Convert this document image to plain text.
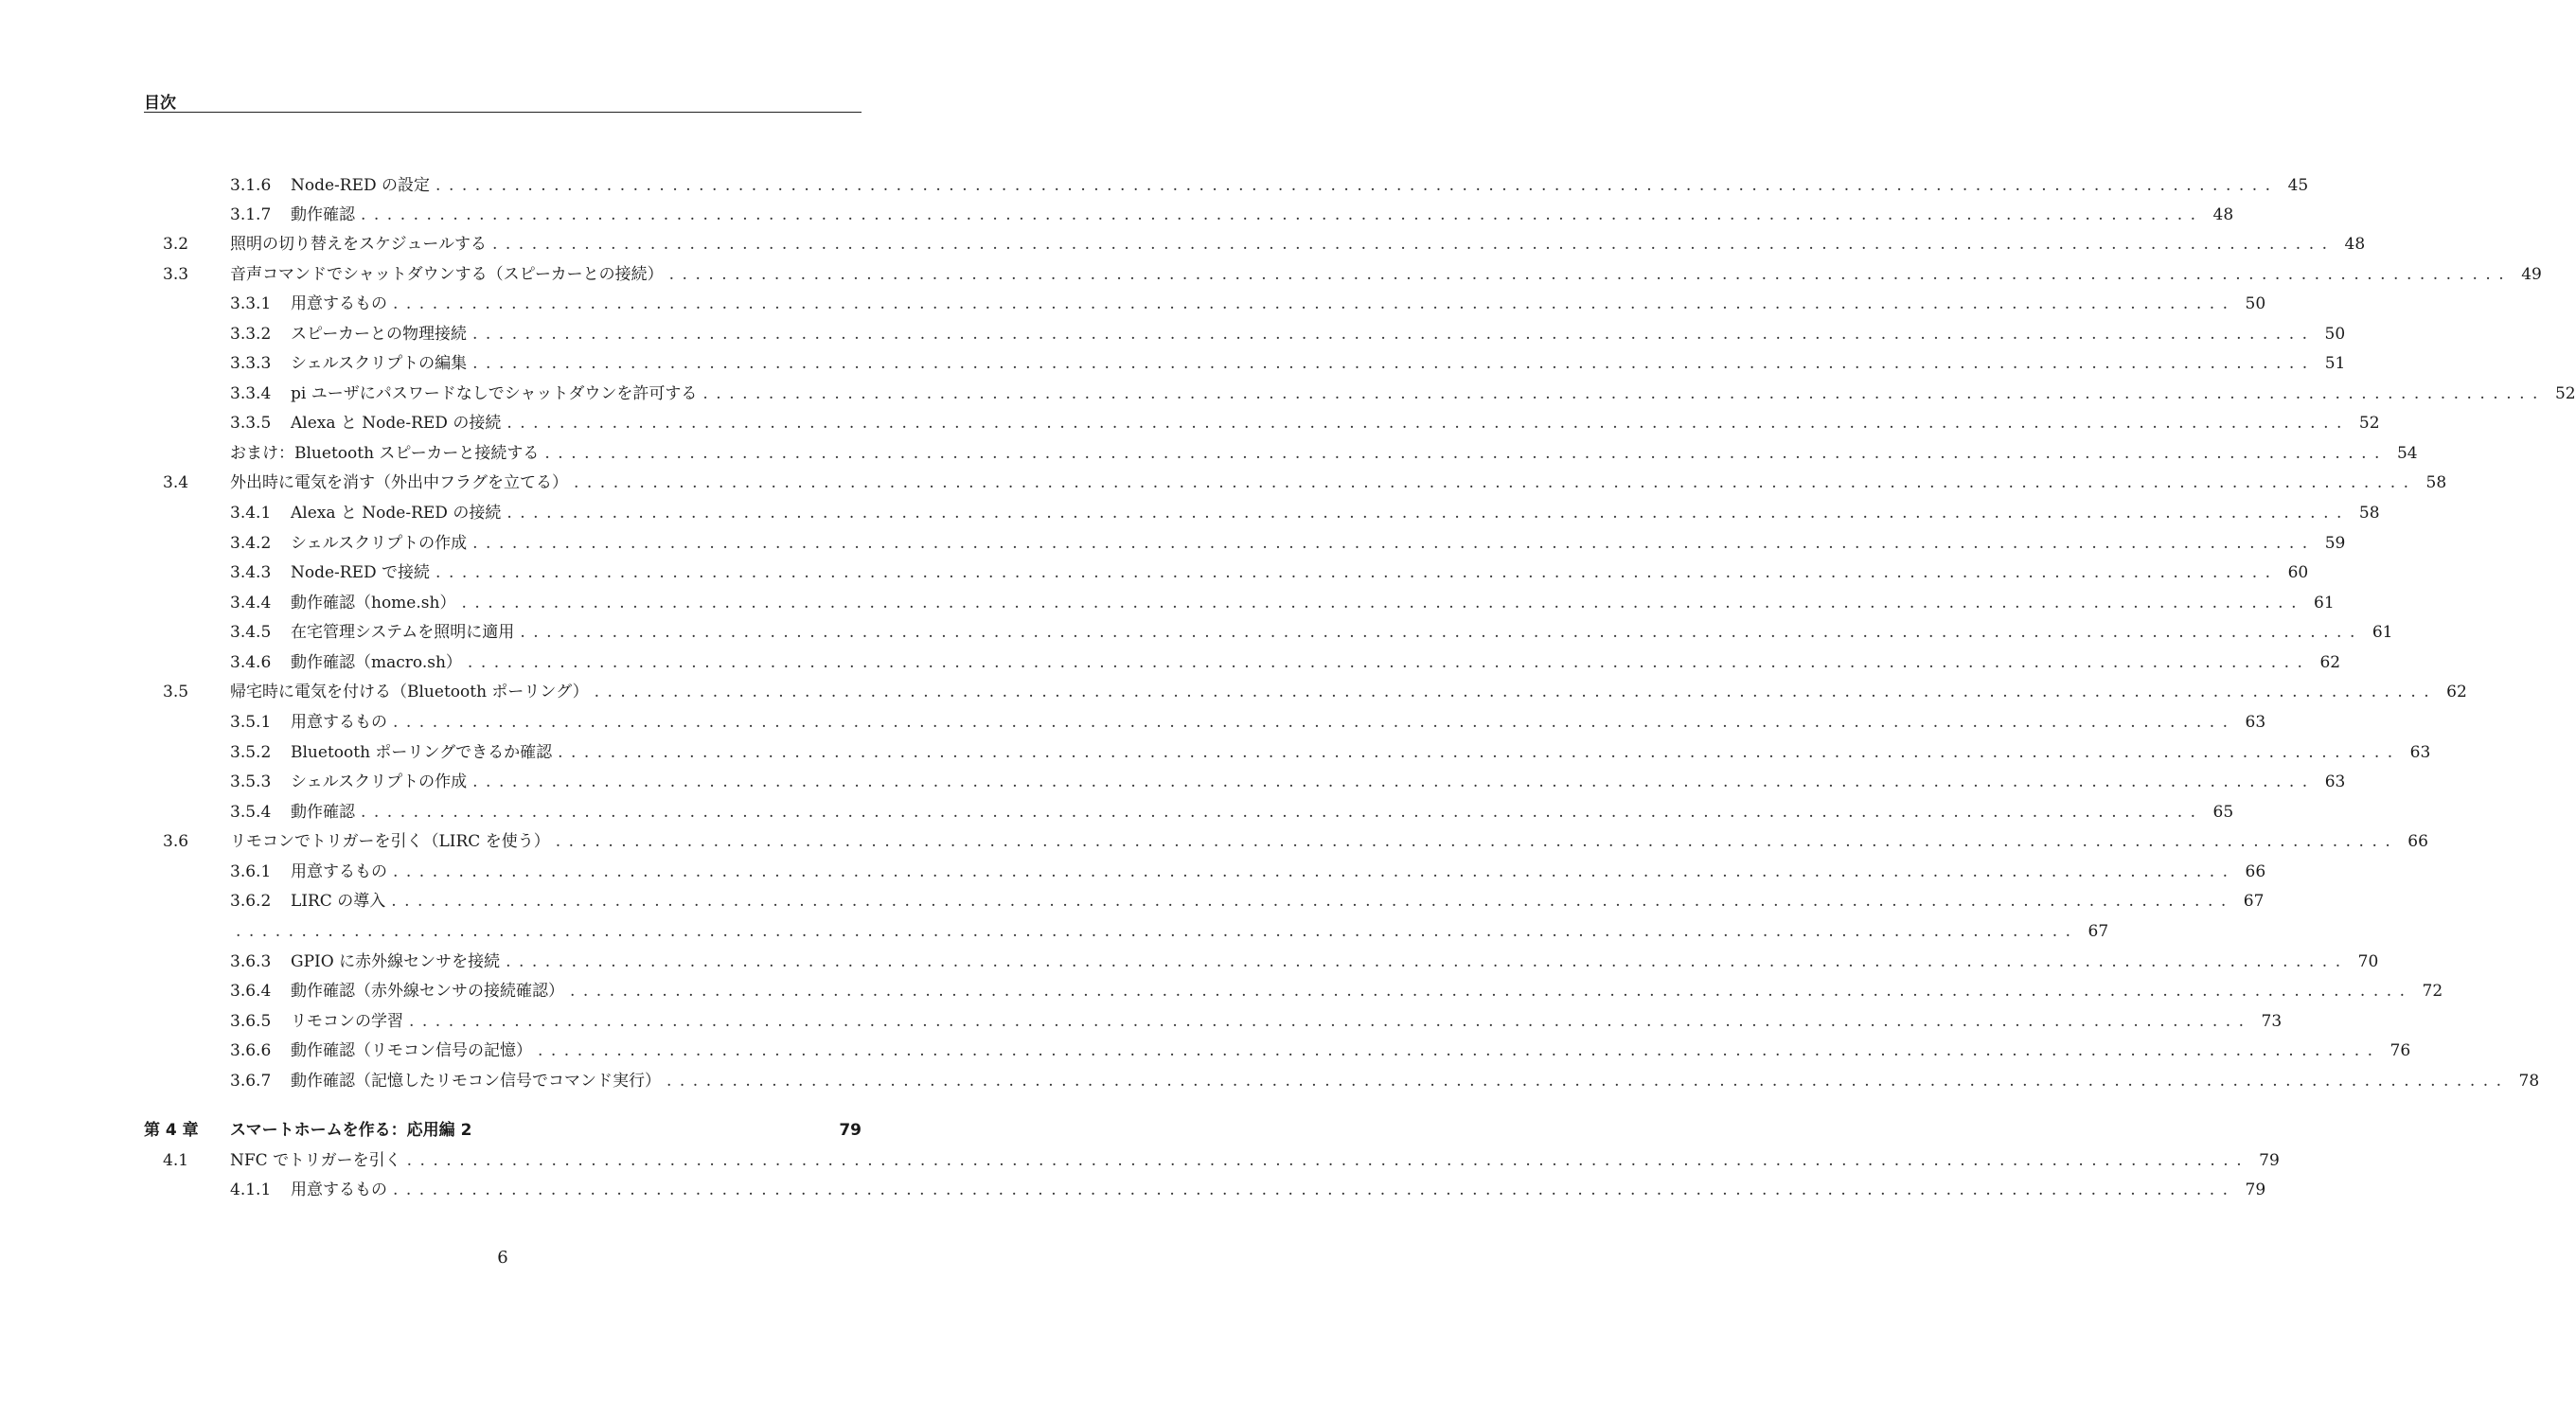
目次
3.1.6 Node-RED の設定 ............................................................................................................................................ 45
3.1.7 動作確認 ............................................................................................................................................ 48
3.2	照明の切り替えをスケジュールする ............................................................................................................................................ 48
3.3	音声コマンドでシャットダウンする（スピーカーとの接続） ............................................................................................................................................ 49
3.3.1 用意するもの ............................................................................................................................................ 50
3.3.2 スピーカーとの物理接続 ............................................................................................................................................ 50
3.3.3 シェルスクリプトの編集 ............................................................................................................................................ 51
3.3.4 pi ユーザにパスワードなしでシャットダウンを許可する ............................................................................................................................................ 52
3.3.5 Alexa と Node-RED の接続 ............................................................................................................................................ 52
おまけ：Bluetooth スピーカーと接続する ............................................................................................................................................ 54
3.4	外出時に電気を消す（外出中フラグを立てる） ............................................................................................................................................ 58
3.4.1 Alexa と Node-RED の接続 ............................................................................................................................................ 58
3.4.2 シェルスクリプトの作成 ............................................................................................................................................ 59
3.4.3 Node-RED で接続 ............................................................................................................................................ 60
3.4.4 動作確認（home.sh） ............................................................................................................................................ 61
3.4.5 在宅管理システムを照明に適用 ............................................................................................................................................ 61
3.4.6 動作確認（macro.sh） ............................................................................................................................................ 62
3.5	帰宅時に電気を付ける（Bluetooth ポーリング） ............................................................................................................................................ 62
3.5.1 用意するもの ............................................................................................................................................ 63
3.5.2 Bluetooth ポーリングできるか確認 ............................................................................................................................................ 63
3.5.3 シェルスクリプトの作成 ............................................................................................................................................ 63
3.5.4 動作確認 ............................................................................................................................................ 65
3.6	リモコンでトリガーを引く（LIRC を使う） ............................................................................................................................................ 66
3.6.1 用意するもの ............................................................................................................................................ 66
3.6.2 LIRC の導入 ............................................................................................................................................ 67
............................................................................................................................................ 67
3.6.3 GPIO に赤外線センサを接続 ............................................................................................................................................ 70
3.6.4 動作確認（赤外線センサの接続確認） ............................................................................................................................................ 72
3.6.5 リモコンの学習 ............................................................................................................................................ 73
3.6.6 動作確認（リモコン信号の記憶） ............................................................................................................................................ 76
3.6.7 動作確認（記憶したリモコン信号でコマンド実行） ............................................................................................................................................ 78
第 4 章 スマートホームを作る：応用編 2	79
4.1	NFC でトリガーを引く ............................................................................................................................................ 79
4.1.1 用意するもの ............................................................................................................................................ 79
6
